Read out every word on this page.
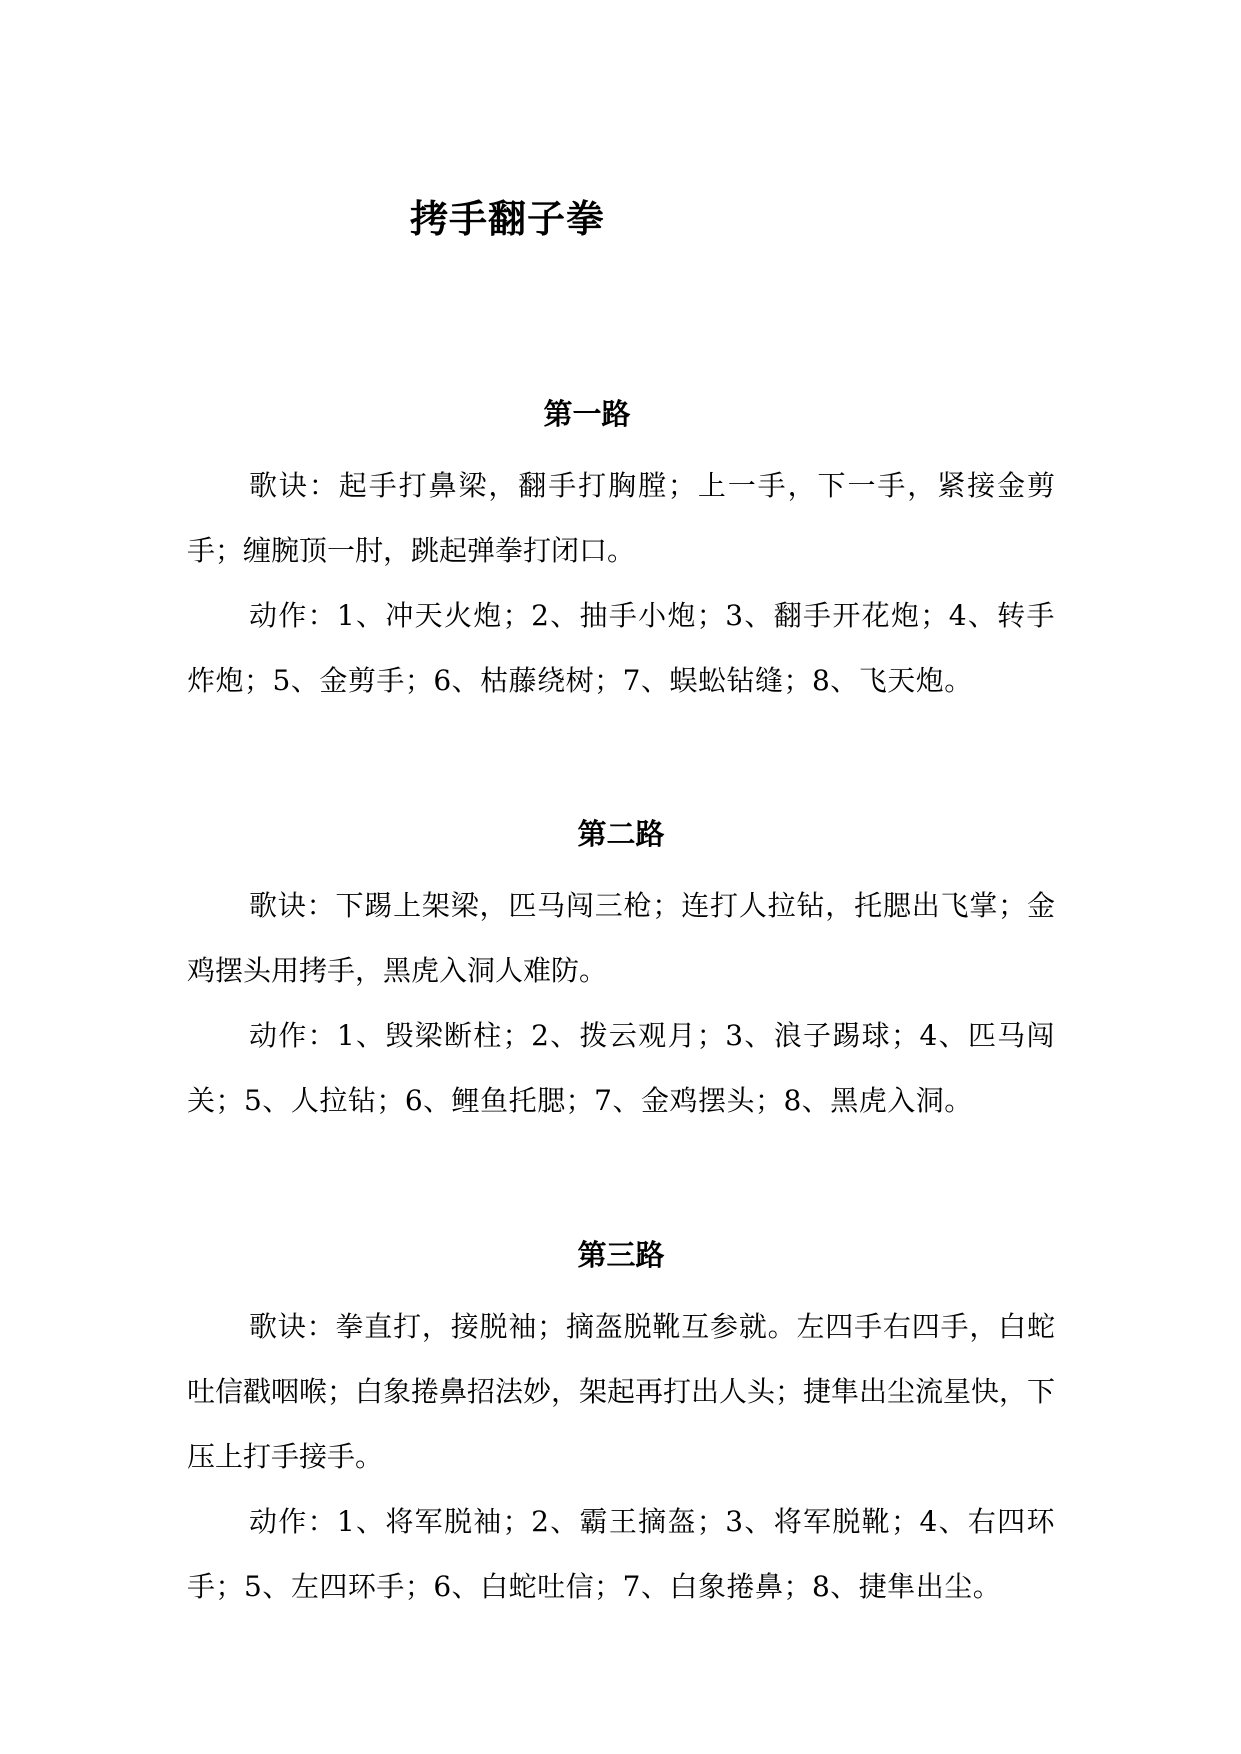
拷手翻子拳
第一路

歌诀：起手打鼻梁，翻手打胸膛；上一手，下一手，紧接金剪手；缠腕顶一肘，跳起弹拳打闭口。

动作：1、冲天火炮；2、抽手小炮；3、翻手开花炮；4、转手炸炮；5、金剪手；6、枯藤绕树；7、蜈蚣钻缝；8、飞天炮。

第二路

歌诀：下踢上架梁，匹马闯三枪；连打人拉钻，托腮出飞掌；金鸡摆头用拷手，黑虎入洞人难防。

动作：1、毁梁断柱；2、拨云观月；3、浪子踢球；4、匹马闯关；5、人拉钻；6、鲤鱼托腮；7、金鸡摆头；8、黑虎入洞。

第三路

歌诀：拳直打，接脱袖；摘盔脱靴互参就。左四手右四手，白蛇吐信戳咽喉；白象捲鼻招法妙，架起再打出人头；捷隼出尘流星快，下压上打手接手。

动作：1、将军脱袖；2、霸王摘盔；3、将军脱靴；4、右四环手；5、左四环手；6、白蛇吐信；7、白象捲鼻；8、捷隼出尘。
